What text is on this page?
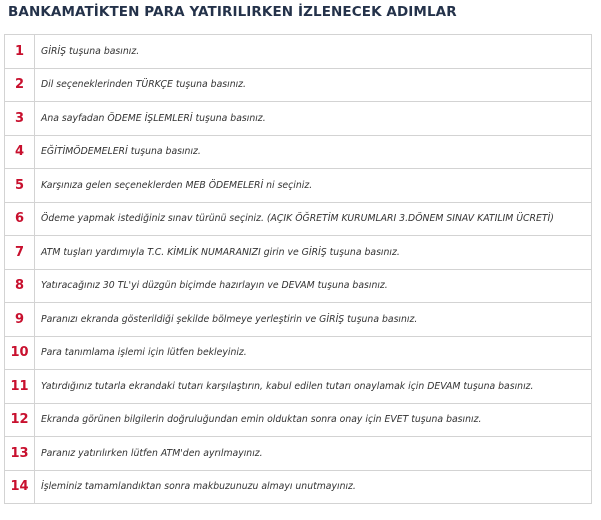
BANKAMATİKTEN PARA YATIRILIRKEN İZLENECEK ADIMLAR
1	GİRİŞ tuşuna basınız.
2	Dil seçeneklerinden TÜRKÇE tuşuna basınız.
3	Ana sayfadan ÖDEME İŞLEMLERİ tuşuna basınız.
4	EĞİTİMÖDEMELERİ tuşuna basınız.
5	Karşınıza gelen seçeneklerden MEB ÖDEMELERİ ni seçiniz.
6	Ödeme yapmak istediğiniz sınav türünü seçiniz. (AÇIK ÖĞRETİM KURUMLARI 3.DÖNEM SINAV KATILIM ÜCRETİ)
7	ATM tuşları yardımıyla T.C. KİMLİK NUMARANIZI girin ve GİRİŞ tuşuna basınız.
8	Yatıracağınız 30 TL'yi düzgün biçimde hazırlayın ve DEVAM tuşuna basınız.
9	Paranızı ekranda gösterildiği şekilde bölmeye yerleştirin ve GİRİŞ tuşuna basınız.
10	Para tanımlama işlemi için lütfen bekleyiniz.
11	Yatırdığınız tutarla ekrandaki tutarı karşılaştırın, kabul edilen tutarı onaylamak için DEVAM tuşuna basınız.
12	Ekranda görünen bilgilerin doğruluğundan emin olduktan sonra onay için EVET tuşuna basınız.
13	Paranız yatırılırken lütfen ATM'den ayrılmayınız.
14	İşleminiz tamamlandıktan sonra makbuzunuzu almayı unutmayınız.
